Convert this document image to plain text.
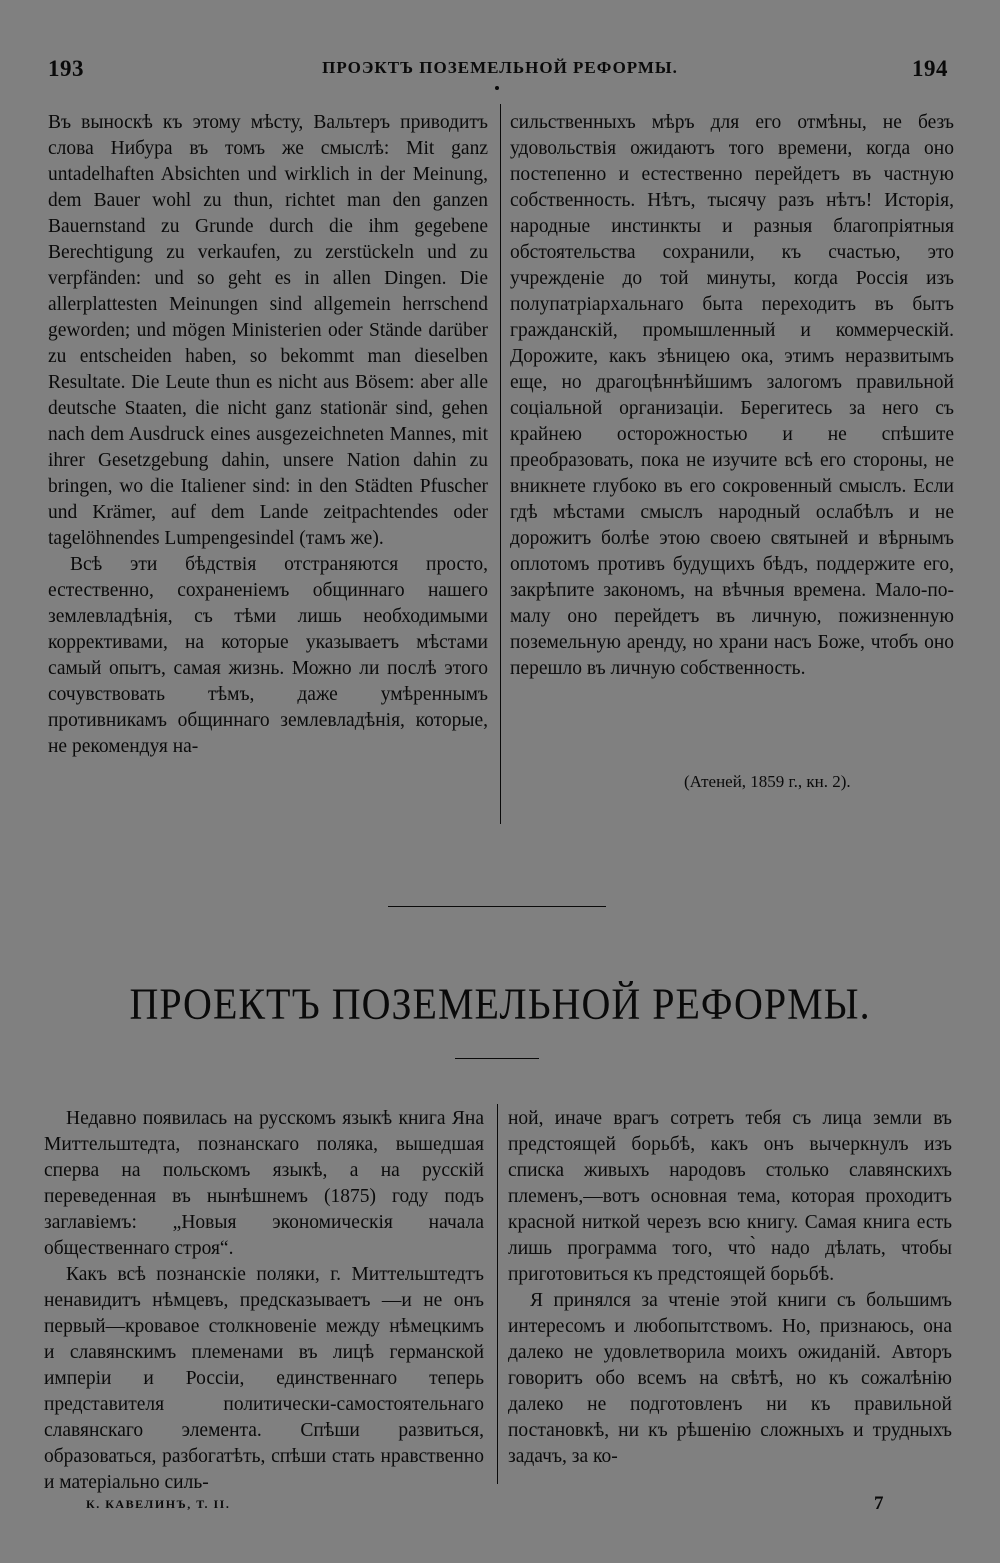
193	ПРОЭКТЪ ПОЗЕМЕЛЬНОЙ РЕФОРМЫ.	194

Въ выноскѣ къ этому мѣсту, Вальтеръ приводитъ слова Нибура въ томъ же смыслѣ: Mit ganz untadelhaften Absichten und wirklich in der Meinung, dem Bauer wohl zu thun, richtet man den ganzen Bauernstand zu Grunde durch die ihm gegebene Berechtigung zu verkaufen, zu zerstückeln und zu verpfänden: und so geht es in allen Dingen. Die allerplattesten Meinungen sind allgemein herrschend geworden; und mögen Ministerien oder Stände darüber zu entscheiden haben, so bekommt man dieselben Resultate. Die Leute thun es nicht aus Bösem: aber alle deutsche Staaten, die nicht ganz stationär sind, gehen nach dem Ausdruck eines ausgezeichneten Mannes, mit ihrer Gesetzgebung dahin, unsere Nation dahin zu bringen, wo die Italiener sind: in den Städten Pfuscher und Krämer, auf dem Lande zeitpachtendes oder tagelöhnendes Lumpengesindel (тамъ же).

Всѣ эти бѣдствія отстраняются просто, естественно, сохраненіемъ общиннаго нашего землевладѣнія, съ тѣми лишь необходимыми коррективами, на которые указываетъ мѣстами самый опытъ, самая жизнь. Можно ли послѣ этого сочувствовать тѣмъ, даже умѣреннымъ противникамъ общиннаго землевладѣнія, которые, не рекомендуя на-

сильственныхъ мѣръ для его отмѣны, не безъ удовольствія ожидаютъ того времени, когда оно постепенно и естественно перейдетъ въ частную собственность. Нѣтъ, тысячу разъ нѣтъ! Исторія, народные инстинкты и разныя благопріятныя обстоятельства сохранили, къ счастью, это учрежденіе до той минуты, когда Россія изъ полупатріархальнаго быта переходитъ въ бытъ гражданскій, промышленный и коммерческій. Дорожите, какъ зѣницею ока, этимъ неразвитымъ еще, но драгоцѣннѣйшимъ залогомъ правильной соціальной организаціи. Берегитесь за него съ крайнею осторожностью и не спѣшите преобразовать, пока не изучите всѣ его стороны, не вникнете глубоко въ его сокровенный смыслъ. Если гдѣ мѣстами смыслъ народный ослабѣлъ и не дорожитъ болѣе этою своею святыней и вѣрнымъ оплотомъ противъ будущихъ бѣдъ, поддержите его, закрѣпите закономъ, на вѣчныя времена. Мало-по-малу оно перейдетъ въ личную, пожизненную поземельную аренду, но храни насъ Боже, чтобъ оно перешло въ личную собственность.

(Атеней, 1859 г., кн. 2).
ПРОЕКТЪ ПОЗЕМЕЛЬНОЙ РЕФОРМЫ.

Недавно появилась на русскомъ языкѣ книга Яна Миттельштедта, познанскаго поляка, вышедшая сперва на польскомъ языкѣ, а на русскій переведенная въ нынѣшнемъ (1875) году подъ заглавіемъ: „Новыя экономическія начала общественнаго строя“.

Какъ всѣ познанскіе поляки, г. Миттельштедтъ ненавидитъ нѣмцевъ, предсказываетъ —и не онъ первый—кровавое столкновеніе между нѣмецкимъ и славянскимъ племенами въ лицѣ германской имперіи и Россіи, единственнаго теперь представителя политически-самостоятельнаго славянскаго элемента. Спѣши развиться, образоваться, разбогатѣть, спѣши стать нравственно и матеріально силь-

ной, иначе врагъ сотретъ тебя съ лица земли въ предстоящей борьбѣ, какъ онъ вычеркнулъ изъ списка живыхъ народовъ столько славянскихъ племенъ,—вотъ основная тема, которая проходитъ красной ниткой черезъ всю книгу. Самая книга есть лишь программа того, что̀ надо дѣлать, чтобы приготовиться къ предстоящей борьбѣ.

Я принялся за чтеніе этой книги съ большимъ интересомъ и любопытствомъ. Но, признаюсь, она далеко не удовлетворила моихъ ожиданій. Авторъ говоритъ обо всемъ на свѣтѣ, но къ сожалѣнію далеко не подготовленъ ни къ правильной постановкѣ, ни къ рѣшенію сложныхъ и трудныхъ задачъ, за ко-

К. КАВЕЛИНЪ, Т. II.	7
